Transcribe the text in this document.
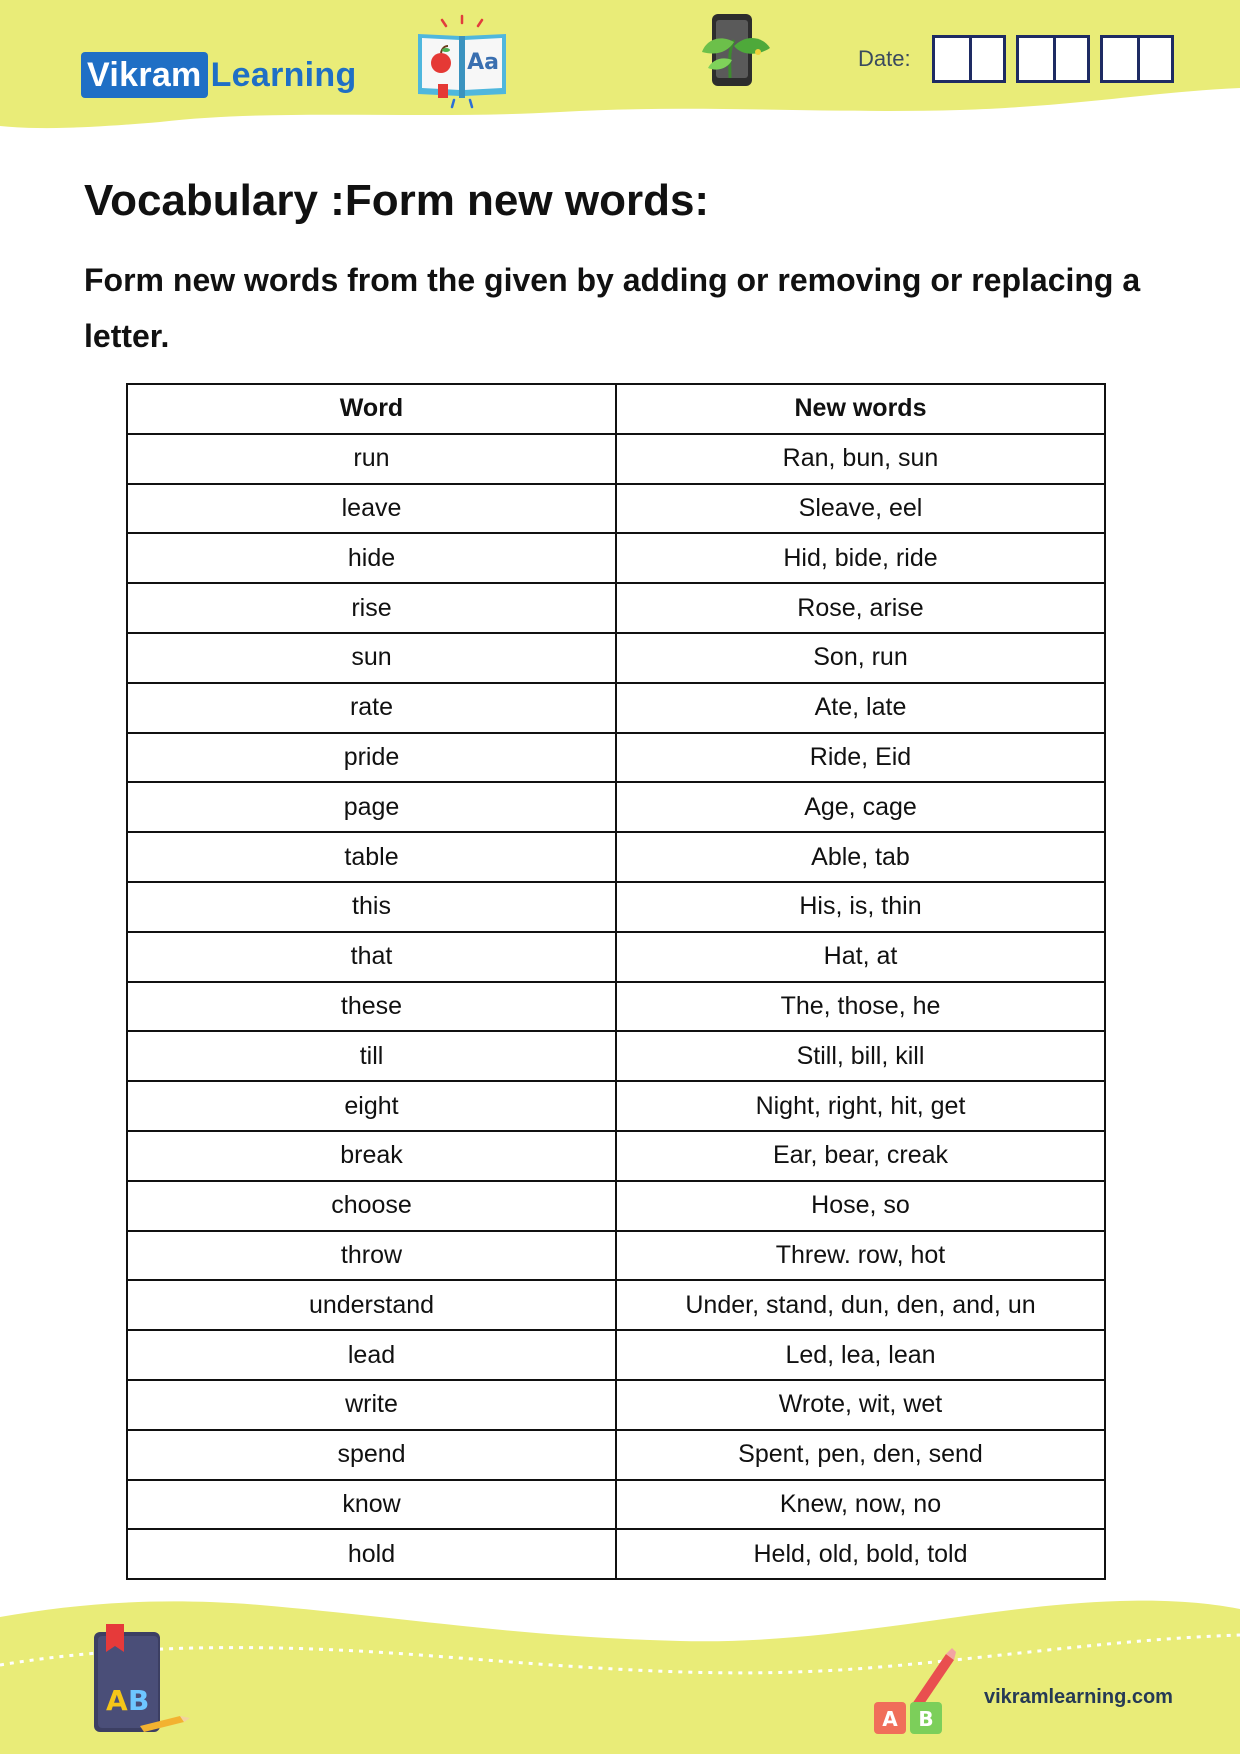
Vikram Learning	Aa	Date:
Vocabulary :Form new words:

Form new words from the given by adding or removing or replacing a letter.

Word	New words
run	Ran, bun, sun
leave	Sleave, eel
hide	Hid, bide, ride
rise	Rose, arise
sun	Son, run
rate	Ate, late
pride	Ride, Eid
page	Age, cage
table	Able, tab
this	His, is, thin
that	Hat, at
these	The, those, he
till	Still, bill, kill
eight	Night, right, hit, get
break	Ear, bear, creak
choose	Hose, so
throw	Threw. row, hot
understand	Under, stand, dun, den, and, un
lead	Led, lea, lean
write	Wrote, wit, wet
spend	Spent, pen, den, send
know	Knew, now, no
hold	Held, old, bold, told
A B
A B
vikramlearning.com
